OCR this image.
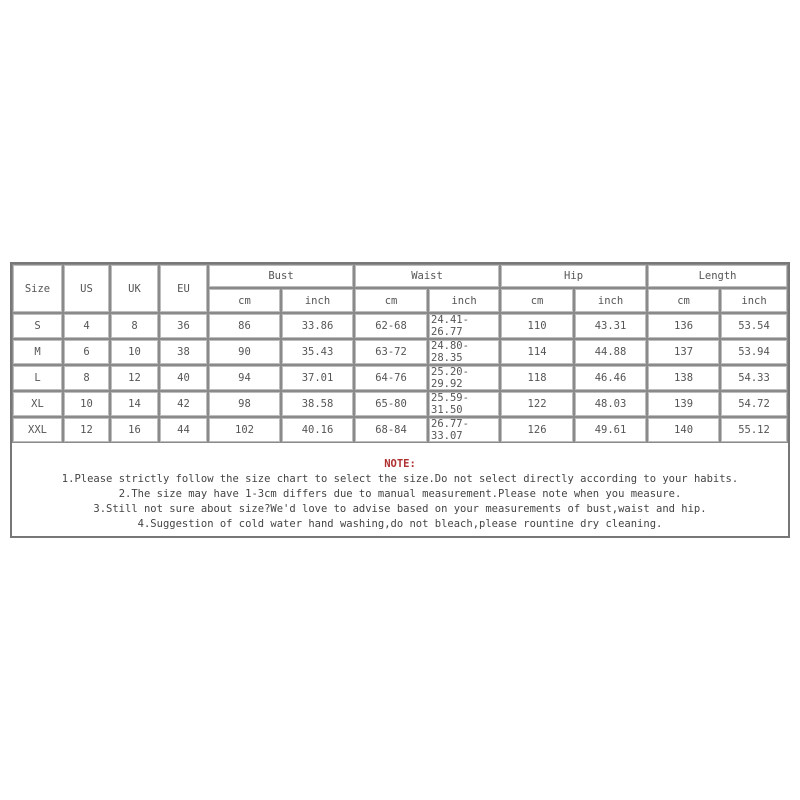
Size	US	UK	EU	Bust		Waist		Hip		Length	
				cm	inch	cm	inch	cm	inch	cm	inch
S	4	8	36	86	33.86	62-68	24.41-26.77	110	43.31	136	53.54
M	6	10	38	90	35.43	63-72	24.80-28.35	114	44.88	137	53.94
L	8	12	40	94	37.01	64-76	25.20-29.92	118	46.46	138	54.33
XL	10	14	42	98	38.58	65-80	25.59-31.50	122	48.03	139	54.72
XXL	12	16	44	102	40.16	68-84	26.77-33.07	126	49.61	140	55.12
NOTE:
1.Please strictly follow the size chart to select the size.Do not select directly according to your habits.
2.The size may have 1-3cm differs due to manual measurement.Please note when you measure.
3.Still not sure about size?We'd love to advise based on your measurements of bust,waist and hip.
4.Suggestion of cold water hand washing,do not bleach,please rountine dry cleaning.
